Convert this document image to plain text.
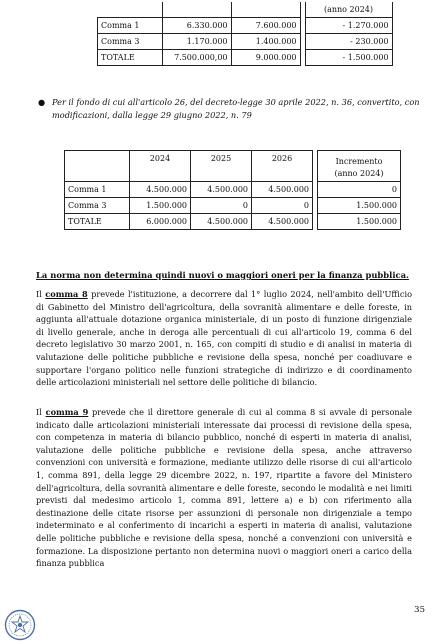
				(anno 2024)
Comma 1	6.330.000	7.600.000		- 1.270.000
Comma 3	1.170.000	1.400.000		- 230.000
TOTALE	7.500.000,00	9.000.000		- 1.500.000
● Per il fondo di cui all'articolo 26, del decreto-legge 30 aprile 2022, n. 36, convertito, con modificazioni, dalla legge 29 giugno 2022, n. 79
	2024	2025	2026		Incremento
					(anno 2024)
Comma 1	4.500.000	4.500.000	4.500.000		0
Comma 3	1.500.000	0	0		1.500.000
TOTALE	6.000.000	4.500.000	4.500.000		1.500.000
La norma non determina quindi nuovi o maggiori oneri per la finanza pubblica.
Il comma 8 prevede l'istituzione, a decorrere dal 1° luglio 2024, nell'ambito dell'Ufficio di Gabinetto del Ministro dell'agricoltura, della sovranità alimentare e delle foreste, in aggiunta all'attuale dotazione organica ministeriale, di un posto di funzione dirigenziale di livello generale, anche in deroga alle percentuali di cui all'articolo 19, comma 6 del decreto legislativo 30 marzo 2001, n. 165, con compiti di studio e di analisi in materia di valutazione delle politiche pubbliche e revisione della spesa, nonché per coadiuvare e supportare l'organo politico nelle funzioni strategiche di indirizzo e di coordinamento delle articolazioni ministeriali nel settore delle politiche di bilancio.
Il comma 9 prevede che il direttore generale di cui al comma 8 si avvale di personale indicato dalle articolazioni ministeriali interessate dai processi di revisione della spesa, con competenza in materia di bilancio pubblico, nonché di esperti in materia di analisi, valutazione delle politiche pubbliche e revisione della spesa, anche attraverso convenzioni con università e formazione, mediante utilizzo delle risorse di cui all'articolo 1, comma 891, della legge 29 dicembre 2022, n. 197, ripartite a favore del Ministero dell'agricoltura, della sovranità alimentare e delle foreste, secondo le modalità e nei limiti previsti dal medesimo articolo 1, comma 891, lettere a) e b) con riferimento alla destinazione delle citate risorse per assunzioni di personale non dirigenziale a tempo indeterminato e al conferimento di incarichi a esperti in materia di analisi, valutazione delle politiche pubbliche e revisione della spesa, nonché a convenzioni con università e formazione. La disposizione pertanto non determina nuovi o maggiori oneri a carico della finanza pubblica
35
